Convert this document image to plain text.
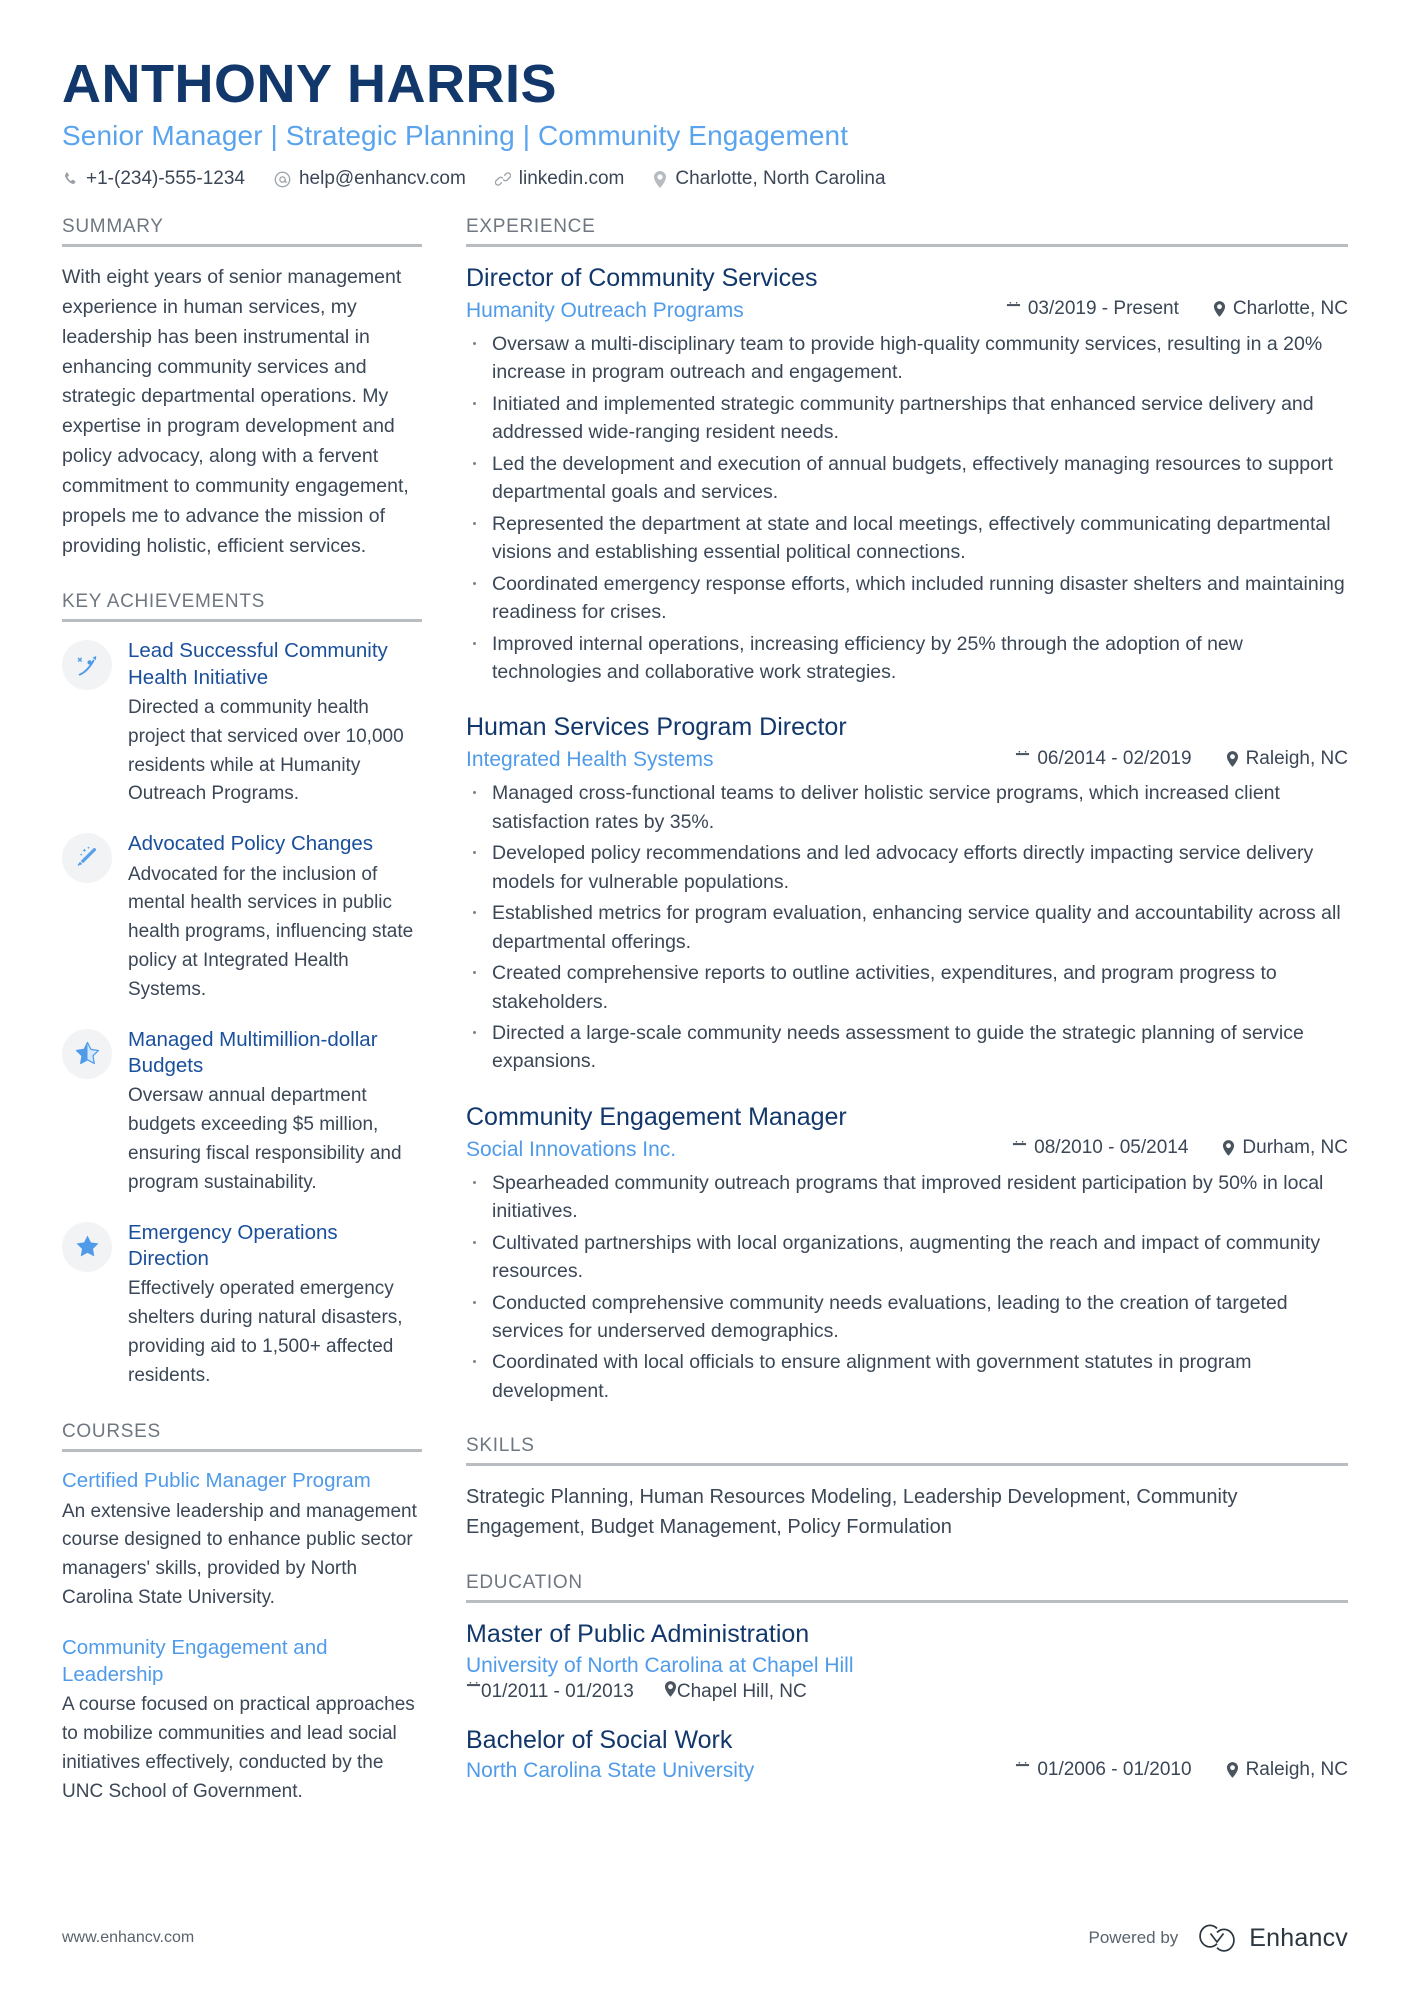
ANTHONY HARRIS
Senior Manager | Strategic Planning | Community Engagement
+1-(234)-555-1234	help@enhancv.com	linkedin.com	Charlotte, North Carolina
SUMMARY
With eight years of senior management experience in human services, my leadership has been instrumental in enhancing community services and strategic departmental operations. My expertise in program development and policy advocacy, along with a fervent commitment to community engagement, propels me to advance the mission of providing holistic, efficient services.
KEY ACHIEVEMENTS
Lead Successful Community Health Initiative
Directed a community health project that serviced over 10,000 residents while at Humanity Outreach Programs.
Advocated Policy Changes
Advocated for the inclusion of mental health services in public health programs, influencing state policy at Integrated Health Systems.
Managed Multimillion-dollar Budgets
Oversaw annual department budgets exceeding $5 million, ensuring fiscal responsibility and program sustainability.
Emergency Operations Direction
Effectively operated emergency shelters during natural disasters, providing aid to 1,500+ affected residents.
COURSES
Certified Public Manager Program
An extensive leadership and management course designed to enhance public sector managers' skills, provided by North Carolina State University.
Community Engagement and Leadership
A course focused on practical approaches to mobilize communities and lead social initiatives effectively, conducted by the UNC School of Government.
EXPERIENCE
Director of Community Services
Humanity Outreach Programs	03/2019 - Present	Charlotte, NC
Oversaw a multi-disciplinary team to provide high-quality community services, resulting in a 20% increase in program outreach and engagement.
Initiated and implemented strategic community partnerships that enhanced service delivery and addressed wide-ranging resident needs.
Led the development and execution of annual budgets, effectively managing resources to support departmental goals and services.
Represented the department at state and local meetings, effectively communicating departmental visions and establishing essential political connections.
Coordinated emergency response efforts, which included running disaster shelters and maintaining readiness for crises.
Improved internal operations, increasing efficiency by 25% through the adoption of new technologies and collaborative work strategies.
Human Services Program Director
Integrated Health Systems	06/2014 - 02/2019	Raleigh, NC
Managed cross-functional teams to deliver holistic service programs, which increased client satisfaction rates by 35%.
Developed policy recommendations and led advocacy efforts directly impacting service delivery models for vulnerable populations.
Established metrics for program evaluation, enhancing service quality and accountability across all departmental offerings.
Created comprehensive reports to outline activities, expenditures, and program progress to stakeholders.
Directed a large-scale community needs assessment to guide the strategic planning of service expansions.
Community Engagement Manager
Social Innovations Inc.	08/2010 - 05/2014	Durham, NC
Spearheaded community outreach programs that improved resident participation by 50% in local initiatives.
Cultivated partnerships with local organizations, augmenting the reach and impact of community resources.
Conducted comprehensive community needs evaluations, leading to the creation of targeted services for underserved demographics.
Coordinated with local officials to ensure alignment with government statutes in program development.
SKILLS
Strategic Planning, Human Resources Modeling, Leadership Development, Community Engagement, Budget Management, Policy Formulation
EDUCATION
Master of Public Administration
University of North Carolina at Chapel Hill
01/2011 - 01/2013 Chapel Hill, NC
Bachelor of Social Work
North Carolina State University	01/2006 - 01/2010	Raleigh, NC
www.enhancv.com	Powered by	Enhancv
